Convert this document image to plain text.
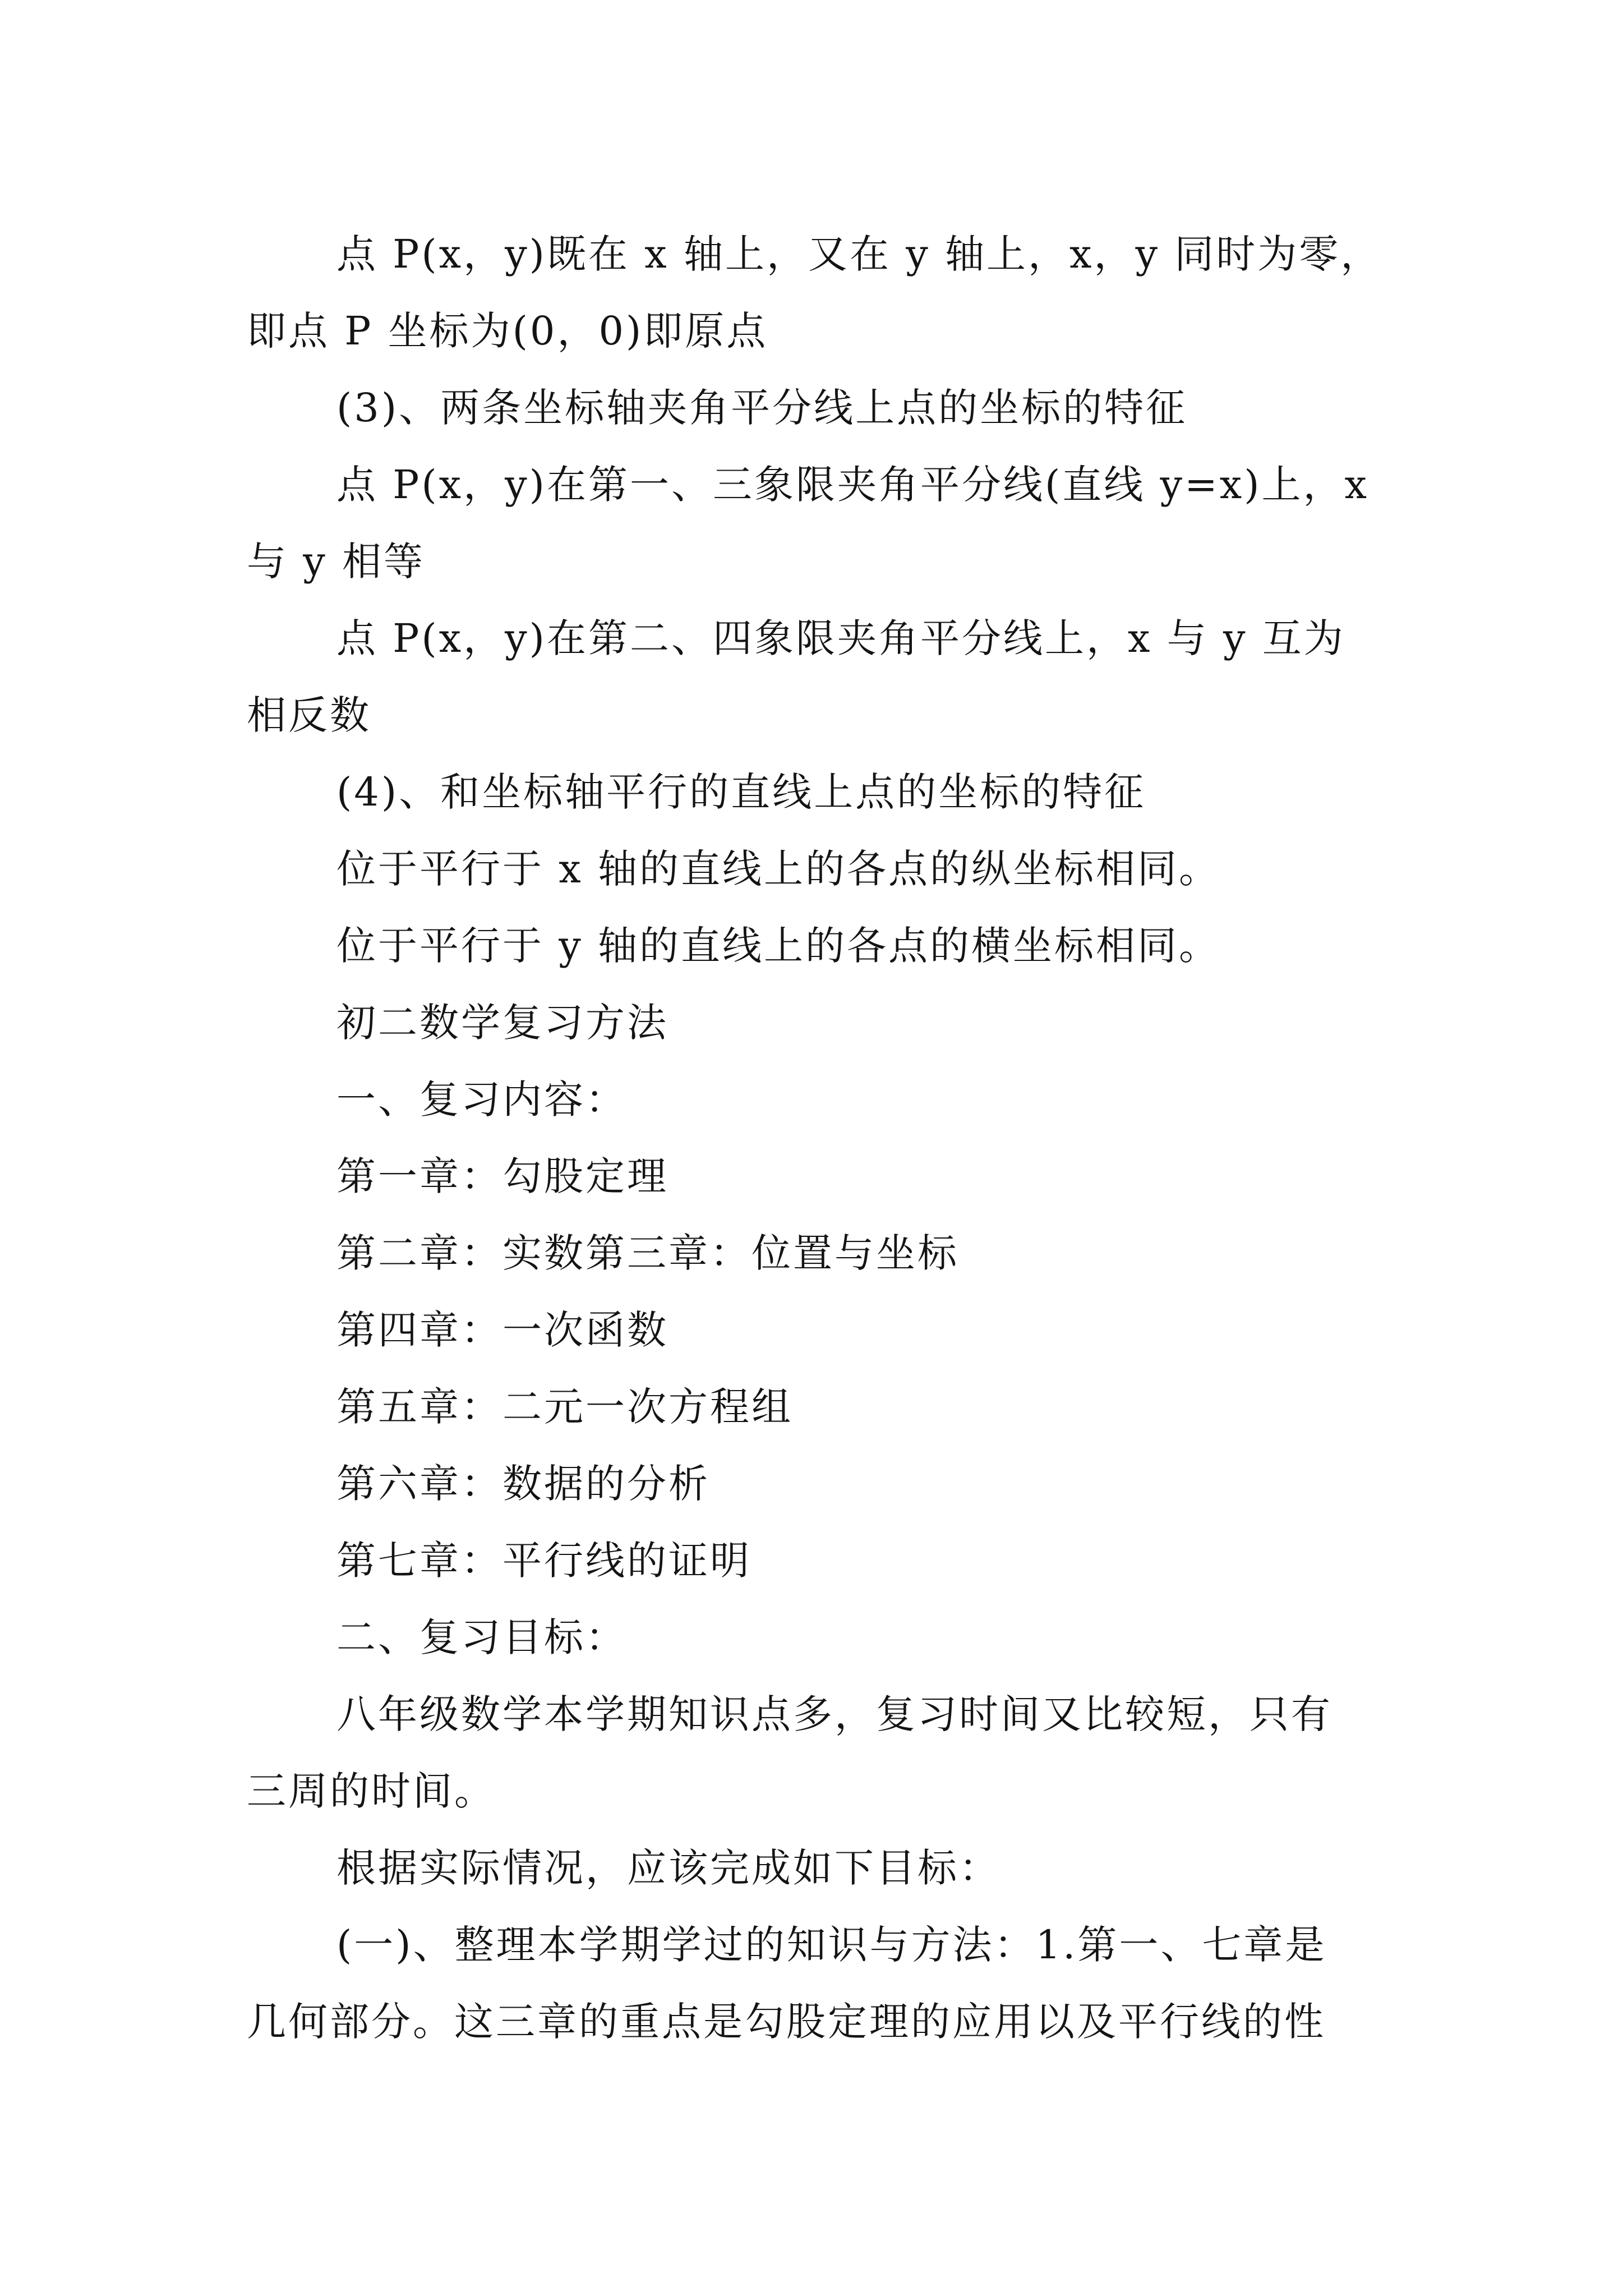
点 P(x，y)既在 x 轴上，又在 y 轴上，x，y 同时为零，
即点 P 坐标为(0，0)即原点
(3)、两条坐标轴夹角平分线上点的坐标的特征
点 P(x，y)在第一、三象限夹角平分线(直线 y=x)上，x
与 y 相等
点 P(x，y)在第二、四象限夹角平分线上，x 与 y 互为
相反数
(4)、和坐标轴平行的直线上点的坐标的特征
位于平行于 x 轴的直线上的各点的纵坐标相同。
位于平行于 y 轴的直线上的各点的横坐标相同。
初二数学复习方法
一、复习内容：
第一章：勾股定理
第二章：实数第三章：位置与坐标
第四章：一次函数
第五章：二元一次方程组
第六章：数据的分析
第七章：平行线的证明
二、复习目标：
八年级数学本学期知识点多，复习时间又比较短，只有
三周的时间。
根据实际情况，应该完成如下目标：
(一)、整理本学期学过的知识与方法：1.第一、七章是
几何部分。这三章的重点是勾股定理的应用以及平行线的性
